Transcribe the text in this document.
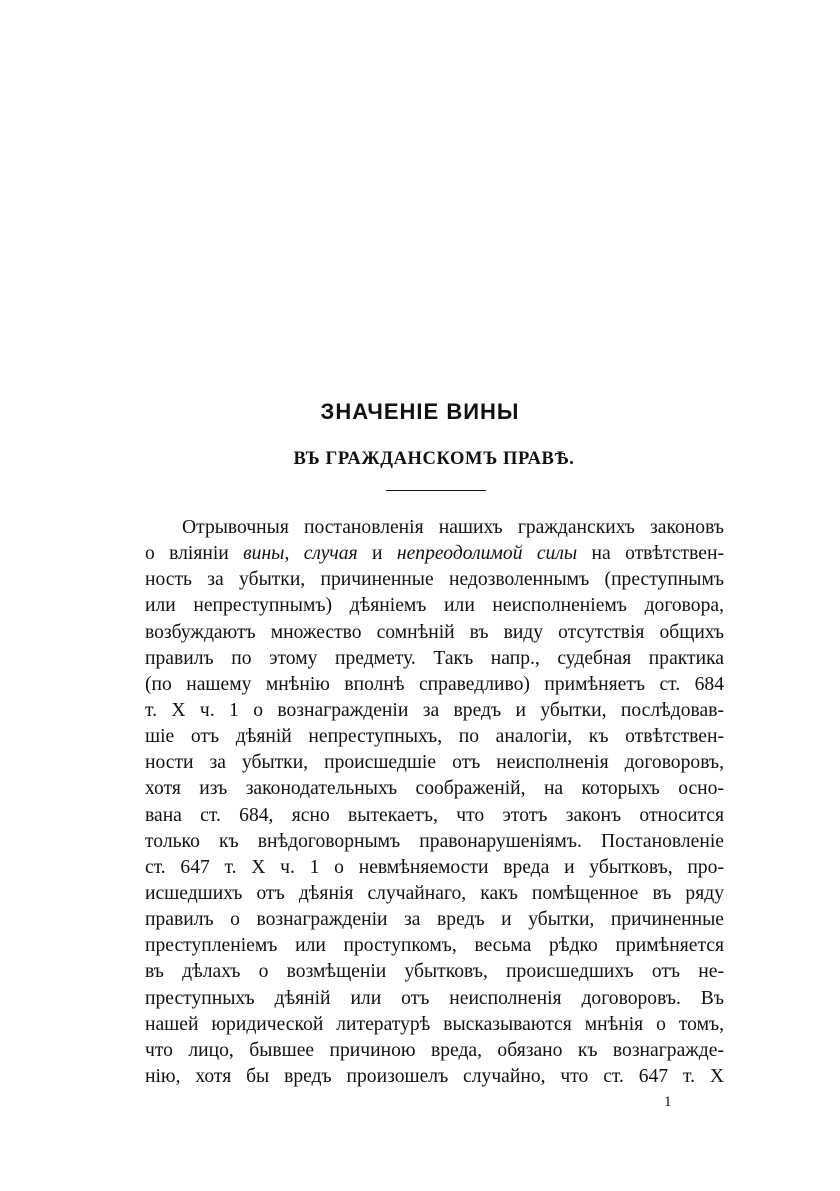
ЗНАЧЕНІЕ ВИНЫ
ВЪ ГРАЖДАНСКОМЪ ПРАВѢ.
Отрывочныя постановленія нашихъ гражданскихъ законовъ
о вліяніи вины, случая и непреодолимой силы на отвѣтствен-
ность за убытки, причиненные недозволеннымъ (преступнымъ
или непреступнымъ) дѣяніемъ или неисполненіемъ договора,
возбуждаютъ множество сомнѣній въ виду отсутствія общихъ
правилъ по этому предмету. Такъ напр., судебная практика
(по нашему мнѣнію вполнѣ справедливо) примѣняетъ ст. 684
т. X ч. 1 о вознагражденіи за вредъ и убытки, послѣдовав-
шіе отъ дѣяній непреступныхъ, по аналогіи, къ отвѣтствен-
ности за убытки, происшедшіе отъ неисполненія договоровъ,
хотя изъ законодательныхъ соображеній, на которыхъ осно-
вана ст. 684, ясно вытекаетъ, что этотъ законъ относится
только къ внѣдоговорнымъ правонарушеніямъ. Постановленіе
ст. 647 т. X ч. 1 о невмѣняемости вреда и убытковъ, про-
исшедшихъ отъ дѣянія случайнаго, какъ помѣщенное въ ряду
правилъ о вознагражденіи за вредъ и убытки, причиненные
преступленіемъ или проступкомъ, весьма рѣдко примѣняется
въ дѣлахъ о возмѣщеніи убытковъ, происшедшихъ отъ не-
преступныхъ дѣяній или отъ неисполненія договоровъ. Въ
нашей юридической литературѣ высказываются мнѣнія о томъ,
что лицо, бывшее причиною вреда, обязано къ вознагражде-
нію, хотя бы вредъ произошелъ случайно, что ст. 647 т. X
1
